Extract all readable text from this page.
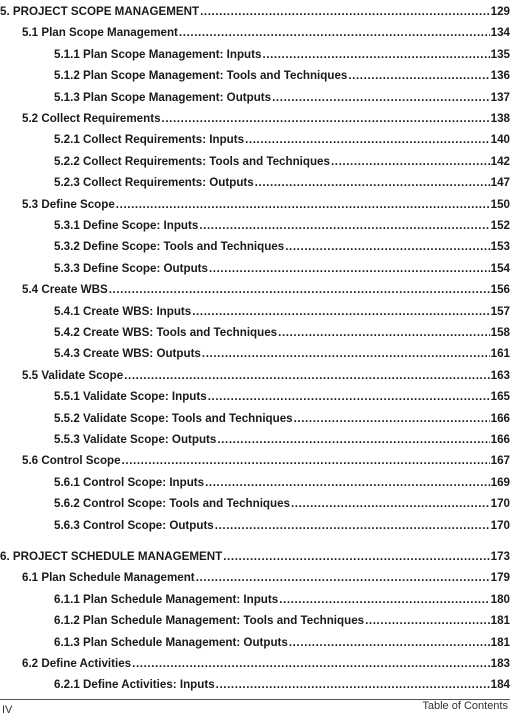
5. PROJECT SCOPE MANAGEMENT .....	129
5.1 Plan Scope Management .....	134
5.1.1 Plan Scope Management: Inputs .....	135
5.1.2 Plan Scope Management: Tools and Techniques .....	136
5.1.3 Plan Scope Management: Outputs .....	137
5.2 Collect Requirements .....	138
5.2.1 Collect Requirements: Inputs .....	140
5.2.2 Collect Requirements: Tools and Techniques .....	142
5.2.3 Collect Requirements: Outputs .....	147
5.3 Define Scope .....	150
5.3.1 Define Scope: Inputs .....	152
5.3.2 Define Scope: Tools and Techniques .....	153
5.3.3 Define Scope: Outputs .....	154
5.4 Create WBS .....	156
5.4.1 Create WBS: Inputs .....	157
5.4.2 Create WBS: Tools and Techniques .....	158
5.4.3 Create WBS: Outputs .....	161
5.5 Validate Scope .....	163
5.5.1 Validate Scope: Inputs .....	165
5.5.2 Validate Scope: Tools and Techniques .....	166
5.5.3 Validate Scope: Outputs .....	166
5.6 Control Scope .....	167
5.6.1 Control Scope: Inputs .....	169
5.6.2 Control Scope: Tools and Techniques .....	170
5.6.3 Control Scope: Outputs .....	170
6. PROJECT SCHEDULE MANAGEMENT .....	173
6.1 Plan Schedule Management .....	179
6.1.1 Plan Schedule Management: Inputs .....	180
6.1.2 Plan Schedule Management: Tools and Techniques .....	181
6.1.3 Plan Schedule Management: Outputs .....	181
6.2 Define Activities .....	183
6.2.1 Define Activities: Inputs .....	184
IV	Table of Contents
